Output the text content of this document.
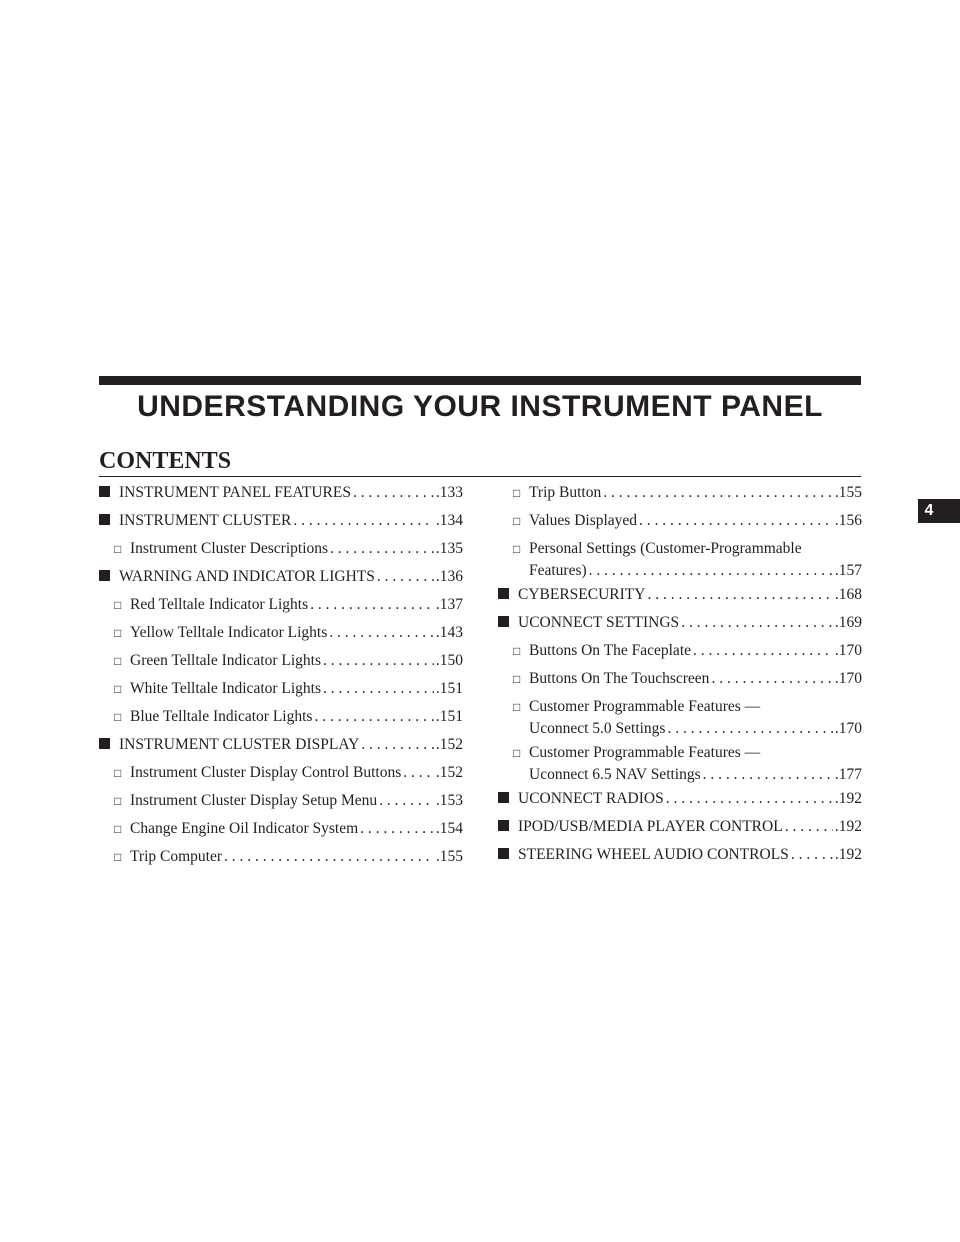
UNDERSTANDING YOUR INSTRUMENT PANEL
CONTENTS
INSTRUMENT PANEL FEATURES . . .	.133
INSTRUMENT CLUSTER . . .	.134
□ Instrument Cluster Descriptions . . .	.135
WARNING AND INDICATOR LIGHTS . . .	.136
□ Red Telltale Indicator Lights . . .	.137
□ Yellow Telltale Indicator Lights . . .	.143
□ Green Telltale Indicator Lights . . .	.150
□ White Telltale Indicator Lights . . .	.151
□ Blue Telltale Indicator Lights . . .	.151
INSTRUMENT CLUSTER DISPLAY . . .	.152
□ Instrument Cluster Display Control Buttons . . . .152
□ Instrument Cluster Display Setup Menu . . .	.153
□ Change Engine Oil Indicator System . . .	.154
□ Trip Computer . . .	.155
□ Trip Button . . .	.155
□ Values Displayed . . .	.156
□ Personal Settings (Customer-Programmable
Features) . . .	.157
CYBERSECURITY . . .	.168
UCONNECT SETTINGS . . .	.169
□ Buttons On The Faceplate . . .	.170
□ Buttons On The Touchscreen . . .	.170
□ Customer Programmable Features —
Uconnect 5.0 Settings . . .	.170
□ Customer Programmable Features —
Uconnect 6.5 NAV Settings . . .	.177
UCONNECT RADIOS . . .	.192
IPOD/USB/MEDIA PLAYER CONTROL . . .	.192
STEERING WHEEL AUDIO CONTROLS . . .	.192
4
